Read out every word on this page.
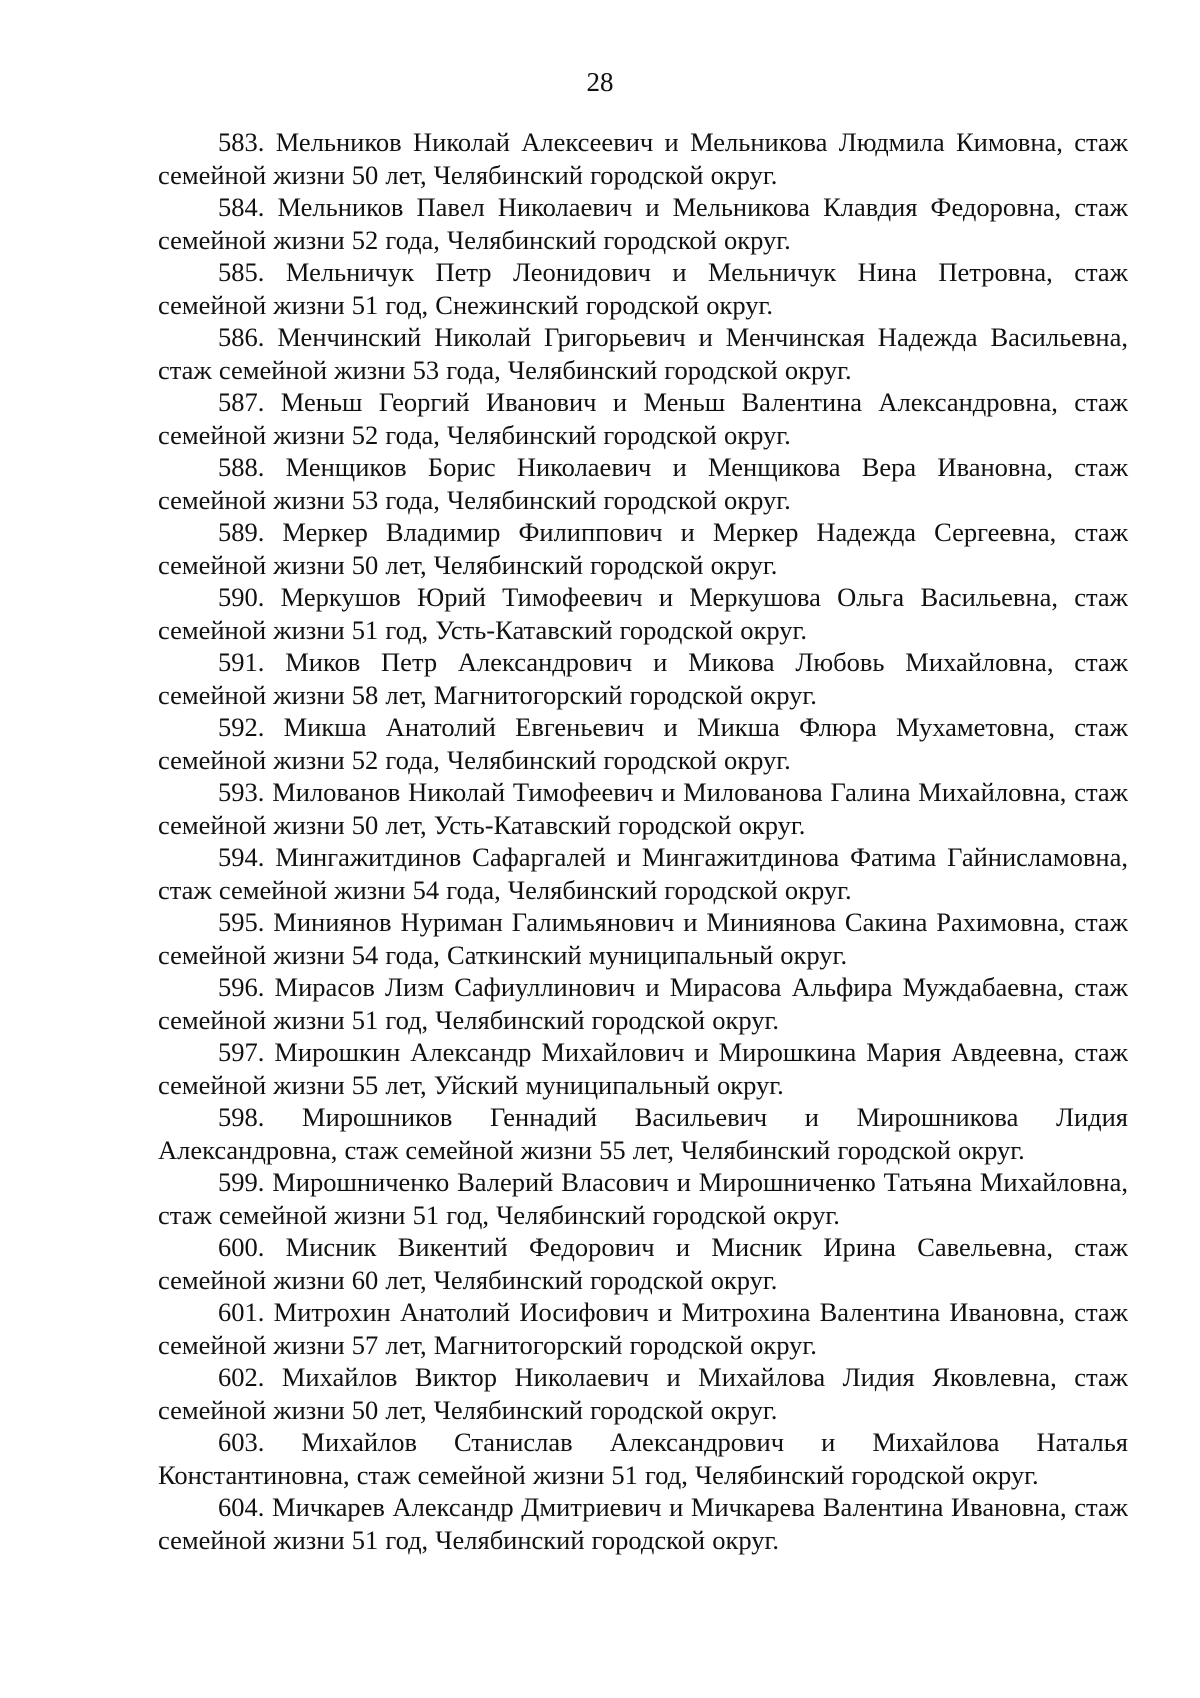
28

583. Мельников Николай Алексеевич и Мельникова Людмила Кимовна, стаж семейной жизни 50 лет, Челябинский городской округ.

584. Мельников Павел Николаевич и Мельникова Клавдия Федоровна, стаж семейной жизни 52 года, Челябинский городской округ.

585. Мельничук Петр Леонидович и Мельничук Нина Петровна, стаж семейной жизни 51 год, Снежинский городской округ.

586. Менчинский Николай Григорьевич и Менчинская Надежда Васильевна, стаж семейной жизни 53 года, Челябинский городской округ.

587. Меньш Георгий Иванович и Меньш Валентина Александровна, стаж семейной жизни 52 года, Челябинский городской округ.

588. Менщиков Борис Николаевич и Менщикова Вера Ивановна, стаж семейной жизни 53 года, Челябинский городской округ.

589. Меркер Владимир Филиппович и Меркер Надежда Сергеевна, стаж семейной жизни 50 лет, Челябинский городской округ.

590. Меркушов Юрий Тимофеевич и Меркушова Ольга Васильевна, стаж семейной жизни 51 год, Усть-Катавский городской округ.

591. Миков Петр Александрович и Микова Любовь Михайловна, стаж семейной жизни 58 лет, Магнитогорский городской округ.

592. Микша Анатолий Евгеньевич и Микша Флюра Мухаметовна, стаж семейной жизни 52 года, Челябинский городской округ.

593. Милованов Николай Тимофеевич и Милованова Галина Михайловна, стаж семейной жизни 50 лет, Усть-Катавский городской округ.

594. Мингажитдинов Сафаргалей и Мингажитдинова Фатима Гайнисламовна, стаж семейной жизни 54 года, Челябинский городской округ.

595. Миниянов Нуриман Галимьянович и Миниянова Сакина Рахимовна, стаж семейной жизни 54 года, Саткинский муниципальный округ.

596. Мирасов Лизм Сафиуллинович и Мирасова Альфира Муждабаевна, стаж семейной жизни 51 год, Челябинский городской округ.

597. Мирошкин Александр Михайлович и Мирошкина Мария Авдеевна, стаж семейной жизни 55 лет, Уйский муниципальный округ.

598. Мирошников Геннадий Васильевич и Мирошникова Лидия Александровна, стаж семейной жизни 55 лет, Челябинский городской округ.

599. Мирошниченко Валерий Власович и Мирошниченко Татьяна Михайловна, стаж семейной жизни 51 год, Челябинский городской округ.

600. Мисник Викентий Федорович и Мисник Ирина Савельевна, стаж семейной жизни 60 лет, Челябинский городской округ.

601. Митрохин Анатолий Иосифович и Митрохина Валентина Ивановна, стаж семейной жизни 57 лет, Магнитогорский городской округ.

602. Михайлов Виктор Николаевич и Михайлова Лидия Яковлевна, стаж семейной жизни 50 лет, Челябинский городской округ.

603. Михайлов Станислав Александрович и Михайлова Наталья Константиновна, стаж семейной жизни 51 год, Челябинский городской округ.

604. Мичкарев Александр Дмитриевич и Мичкарева Валентина Ивановна, стаж семейной жизни 51 год, Челябинский городской округ.
